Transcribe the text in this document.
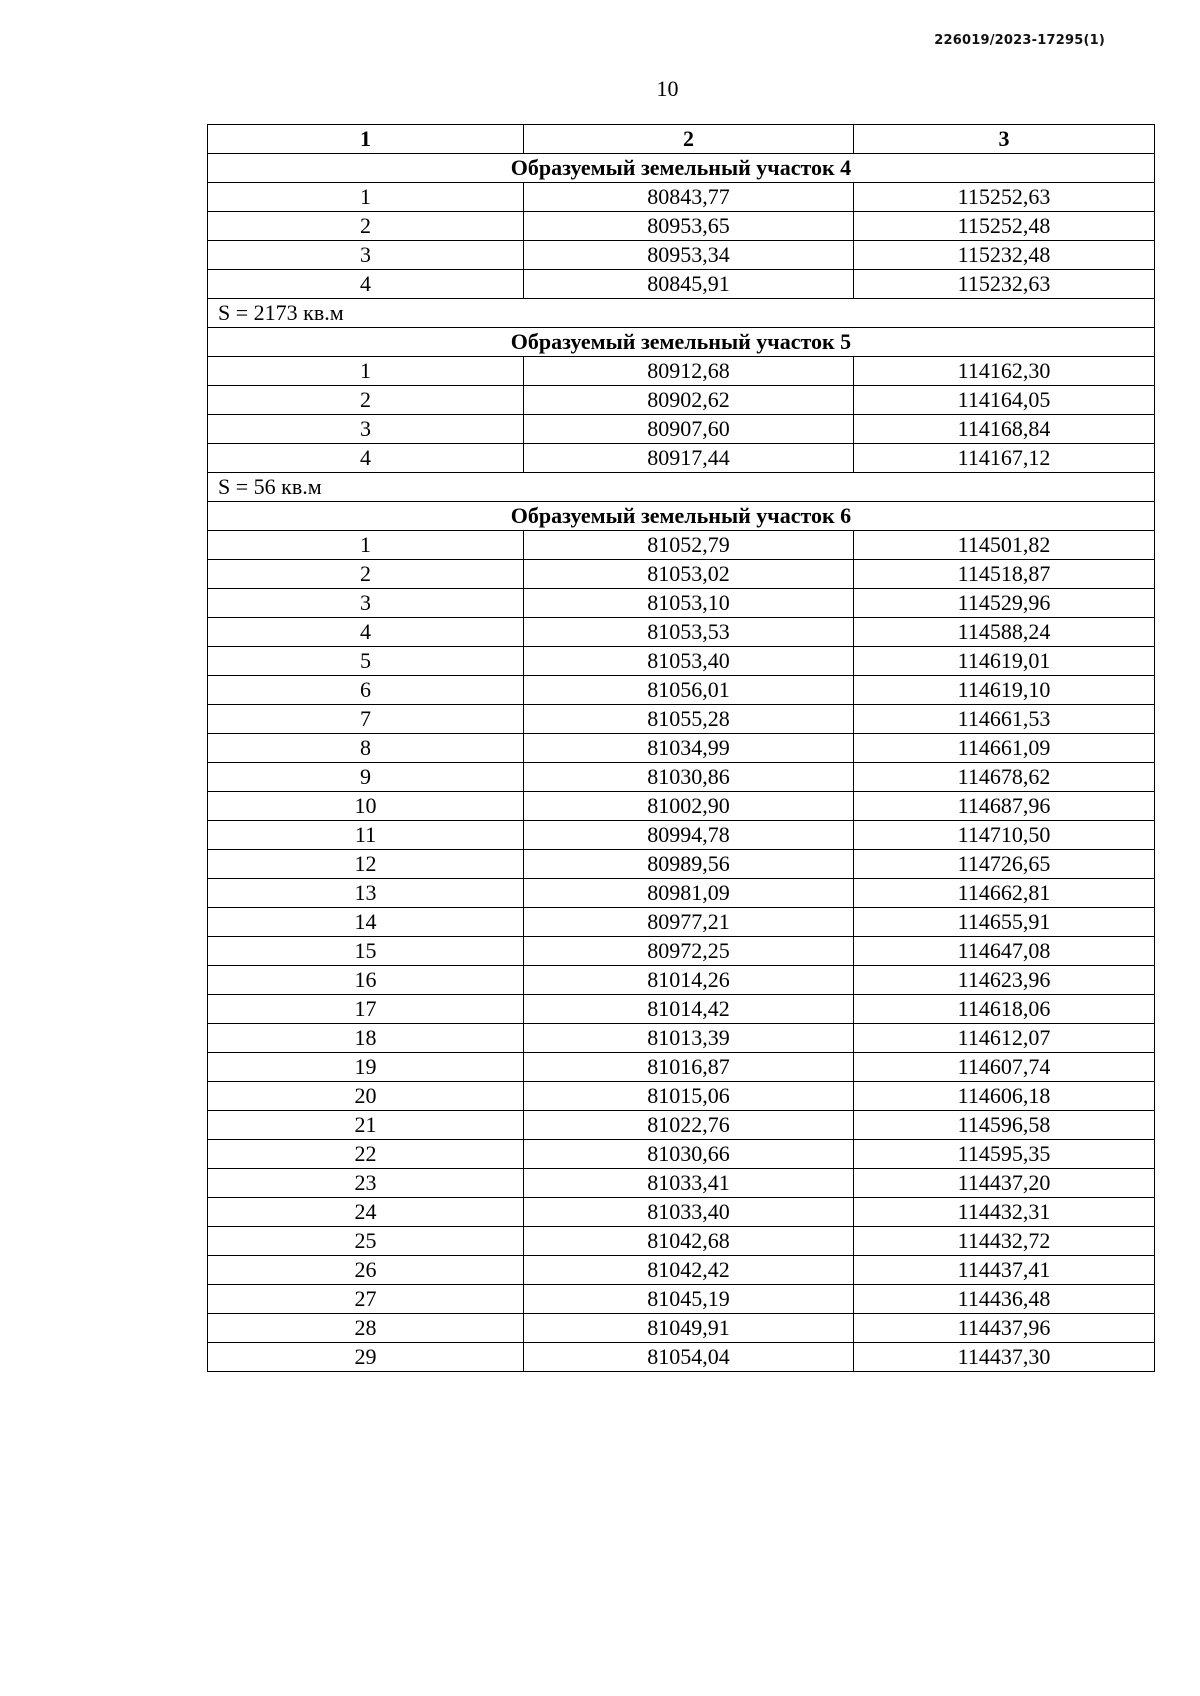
226019/2023-17295(1)
10
1	2	3
Образуемый земельный участок 4		
1	80843,77	115252,63
2	80953,65	115252,48
3	80953,34	115232,48
4	80845,91	115232,63
S = 2173 кв.м		
Образуемый земельный участок 5		
1	80912,68	114162,30
2	80902,62	114164,05
3	80907,60	114168,84
4	80917,44	114167,12
S = 56 кв.м		
Образуемый земельный участок 6		
1	81052,79	114501,82
2	81053,02	114518,87
3	81053,10	114529,96
4	81053,53	114588,24
5	81053,40	114619,01
6	81056,01	114619,10
7	81055,28	114661,53
8	81034,99	114661,09
9	81030,86	114678,62
10	81002,90	114687,96
11	80994,78	114710,50
12	80989,56	114726,65
13	80981,09	114662,81
14	80977,21	114655,91
15	80972,25	114647,08
16	81014,26	114623,96
17	81014,42	114618,06
18	81013,39	114612,07
19	81016,87	114607,74
20	81015,06	114606,18
21	81022,76	114596,58
22	81030,66	114595,35
23	81033,41	114437,20
24	81033,40	114432,31
25	81042,68	114432,72
26	81042,42	114437,41
27	81045,19	114436,48
28	81049,91	114437,96
29	81054,04	114437,30
